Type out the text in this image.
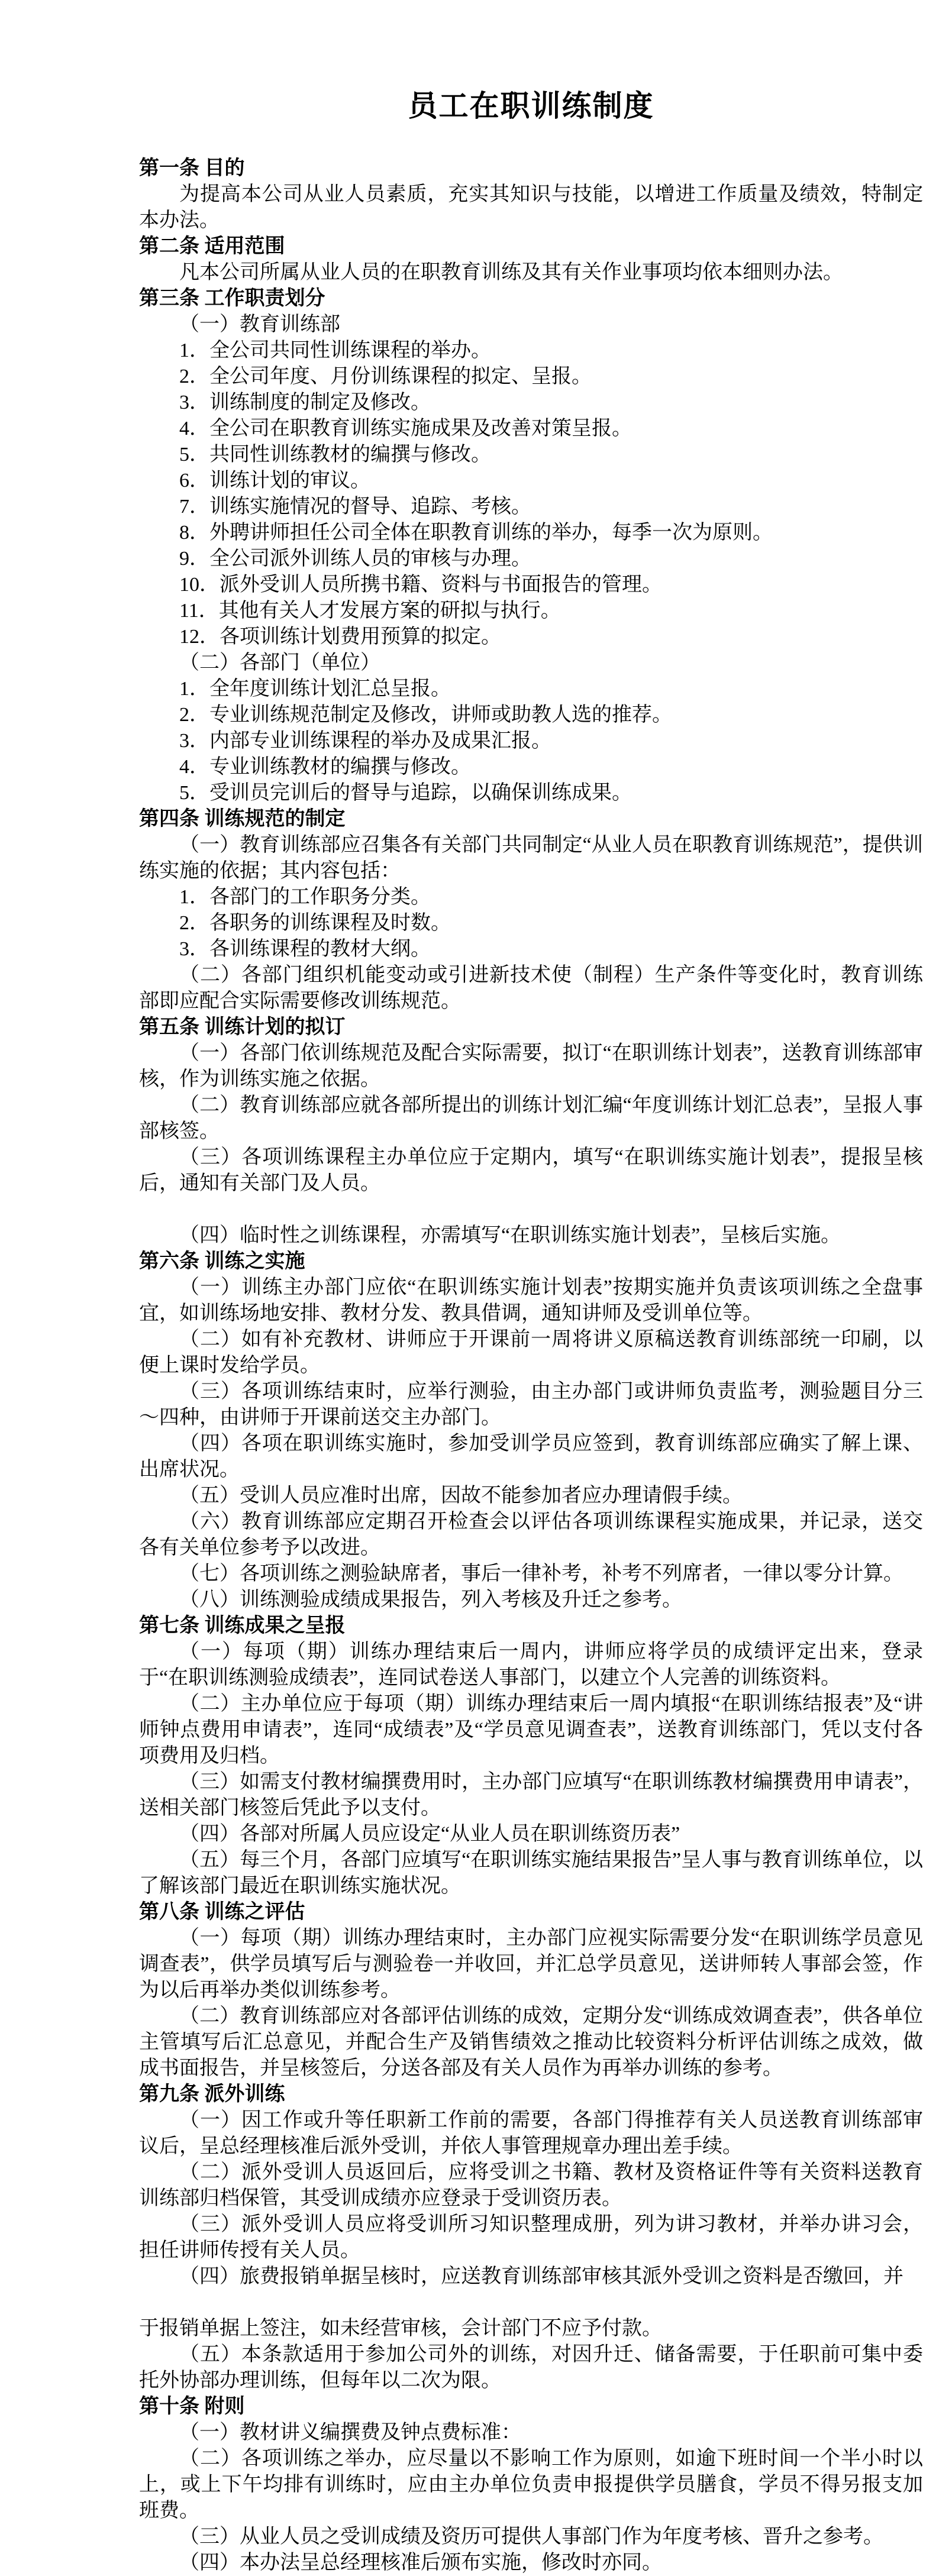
员工在职训练制度

第一条 目的

为提高本公司从业人员素质，充实其知识与技能，以增进工作质量及绩效，特制定本办法。

第二条 适用范围

凡本公司所属从业人员的在职教育训练及其有关作业事项均依本细则办法。

第三条 工作职责划分

（一）教育训练部

1．全公司共同性训练课程的举办。

2．全公司年度、月份训练课程的拟定、呈报。

3．训练制度的制定及修改。

4．全公司在职教育训练实施成果及改善对策呈报。

5．共同性训练教材的编撰与修改。

6．训练计划的审议。

7．训练实施情况的督导、追踪、考核。

8．外聘讲师担任公司全体在职教育训练的举办，每季一次为原则。

9．全公司派外训练人员的审核与办理。

10．派外受训人员所携书籍、资料与书面报告的管理。

11．其他有关人才发展方案的研拟与执行。

12．各项训练计划费用预算的拟定。

（二）各部门（单位）

1．全年度训练计划汇总呈报。

2．专业训练规范制定及修改，讲师或助教人选的推荐。

3．内部专业训练课程的举办及成果汇报。

4．专业训练教材的编撰与修改。

5．受训员完训后的督导与追踪，以确保训练成果。

第四条 训练规范的制定

（一）教育训练部应召集各有关部门共同制定“从业人员在职教育训练规范”，提供训练实施的依据；其内容包括：

1．各部门的工作职务分类。

2．各职务的训练课程及时数。

3．各训练课程的教材大纲。

（二）各部门组织机能变动或引进新技术使（制程）生产条件等变化时，教育训练部即应配合实际需要修改训练规范。

第五条 训练计划的拟订

（一）各部门依训练规范及配合实际需要，拟订“在职训练计划表”，送教育训练部审核，作为训练实施之依据。

（二）教育训练部应就各部所提出的训练计划汇编“年度训练计划汇总表”，呈报人事部核签。

（三）各项训练课程主办单位应于定期内，填写“在职训练实施计划表”，提报呈核后，通知有关部门及人员。

（四）临时性之训练课程，亦需填写“在职训练实施计划表”，呈核后实施。

第六条 训练之实施

（一）训练主办部门应依“在职训练实施计划表”按期实施并负责该项训练之全盘事宜，如训练场地安排、教材分发、教具借调，通知讲师及受训单位等。

（二）如有补充教材、讲师应于开课前一周将讲义原稿送教育训练部统一印刷，以便上课时发给学员。

（三）各项训练结束时，应举行测验，由主办部门或讲师负责监考，测验题目分三～四种，由讲师于开课前送交主办部门。

（四）各项在职训练实施时，参加受训学员应签到，教育训练部应确实了解上课、出席状况。

（五）受训人员应准时出席，因故不能参加者应办理请假手续。

（六）教育训练部应定期召开检查会以评估各项训练课程实施成果，并记录，送交各有关单位参考予以改进。

（七）各项训练之测验缺席者，事后一律补考，补考不列席者，一律以零分计算。

（八）训练测验成绩成果报告，列入考核及升迁之参考。

第七条 训练成果之呈报

（一）每项（期）训练办理结束后一周内，讲师应将学员的成绩评定出来，登录于“在职训练测验成绩表”，连同试卷送人事部门，以建立个人完善的训练资料。

（二）主办单位应于每项（期）训练办理结束后一周内填报“在职训练结报表”及“讲师钟点费用申请表”，连同“成绩表”及“学员意见调查表”，送教育训练部门，凭以支付各项费用及归档。

（三）如需支付教材编撰费用时，主办部门应填写“在职训练教材编撰费用申请表”，送相关部门核签后凭此予以支付。

（四）各部对所属人员应设定“从业人员在职训练资历表”

（五）每三个月，各部门应填写“在职训练实施结果报告”呈人事与教育训练单位，以了解该部门最近在职训练实施状况。

第八条 训练之评估

（一）每项（期）训练办理结束时，主办部门应视实际需要分发“在职训练学员意见调查表”，供学员填写后与测验卷一并收回，并汇总学员意见，送讲师转人事部会签，作为以后再举办类似训练参考。

（二）教育训练部应对各部评估训练的成效，定期分发“训练成效调查表”，供各单位主管填写后汇总意见，并配合生产及销售绩效之推动比较资料分析评估训练之成效，做成书面报告，并呈核签后，分送各部及有关人员作为再举办训练的参考。

第九条 派外训练

（一）因工作或升等任职新工作前的需要，各部门得推荐有关人员送教育训练部审议后，呈总经理核准后派外受训，并依人事管理规章办理出差手续。

（二）派外受训人员返回后，应将受训之书籍、教材及资格证件等有关资料送教育训练部归档保管，其受训成绩亦应登录于受训资历表。

（三）派外受训人员应将受训所习知识整理成册，列为讲习教材，并举办讲习会，担任讲师传授有关人员。

（四）旅费报销单据呈核时，应送教育训练部审核其派外受训之资料是否缴回，并

于报销单据上签注，如未经营审核，会计部门不应予付款。

（五）本条款适用于参加公司外的训练，对因升迁、储备需要，于任职前可集中委托外协部办理训练，但每年以二次为限。

第十条 附则

（一）教材讲义编撰费及钟点费标准：

（二）各项训练之举办，应尽量以不影响工作为原则，如逾下班时间一个半小时以上，或上下午均排有训练时，应由主办单位负责申报提供学员膳食，学员不得另报支加班费。

（三）从业人员之受训成绩及资历可提供人事部门作为年度考核、晋升之参考。

（四）本办法呈总经理核准后颁布实施，修改时亦同。
